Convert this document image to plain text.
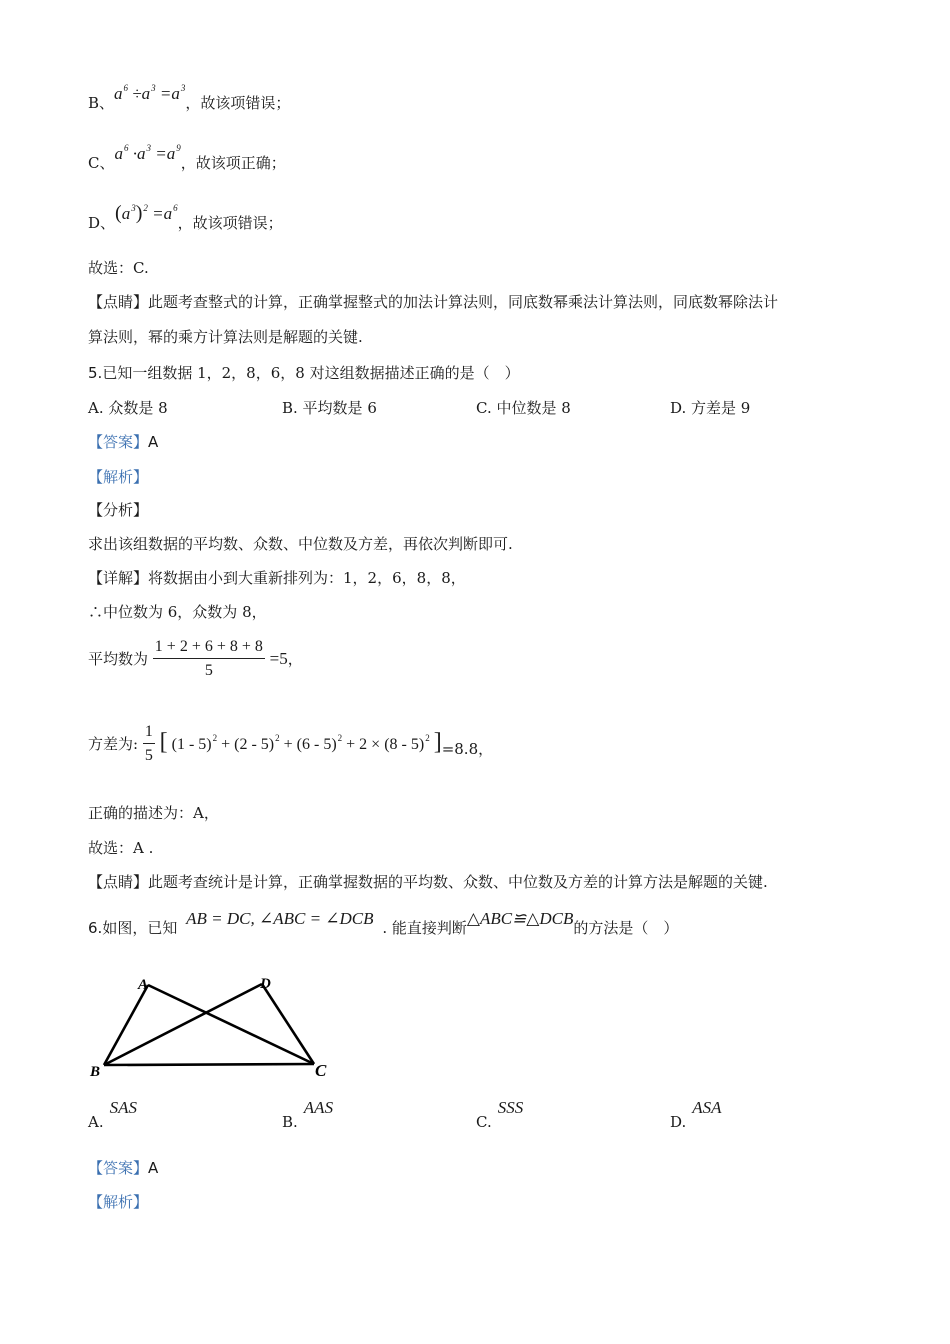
B、$a^6 \div a^3 =a^3$，故该项错误；
C、$a^6 \cdot a^3 =a^9$，故该项正确；
D、$(a^3)^2 =a^6$，故该项错误；
故选：C.
【点睛】此题考查整式的计算，正确掌握整式的加法计算法则，同底数幂乘法计算法则，同底数幂除法计
算法则，幂的乘方计算法则是解题的关键.
5.已知一组数据 1，2，8，6，8 对这组数据描述正确的是（　）
A. 众数是 8	B. 平均数是 6	C. 中位数是 8	D. 方差是 9
【答案】A
【解析】
【分析】
求出该组数据的平均数、众数、中位数及方差，再依次判断即可.
【详解】将数据由小到大重新排列为：1，2，6，8，8，
∴中位数为 6，众数为 8，
平均数为 $\frac{1 + 2 + 6 + 8 + 8}{5} =5$，
方差为: $\frac{1}{5}$ [ (1 - 5)$^2$ + (2 - 5)$^2$ + (6 - 5)$^2$ + 2 × (8 - 5)$^2$ ]=8.8，
正确的描述为：A，
故选：A .
【点睛】此题考查统计是计算，正确掌握数据的平均数、众数、中位数及方差的计算方法是解题的关键.
6.如图，已知 AB = DC, ∠ABC = ∠DCB . 能直接判断△ABC≌△DCB的方法是（　）
A	D
B	C
A.SAS
B.AAS
C.SSS
D.ASA
【答案】A
【解析】
